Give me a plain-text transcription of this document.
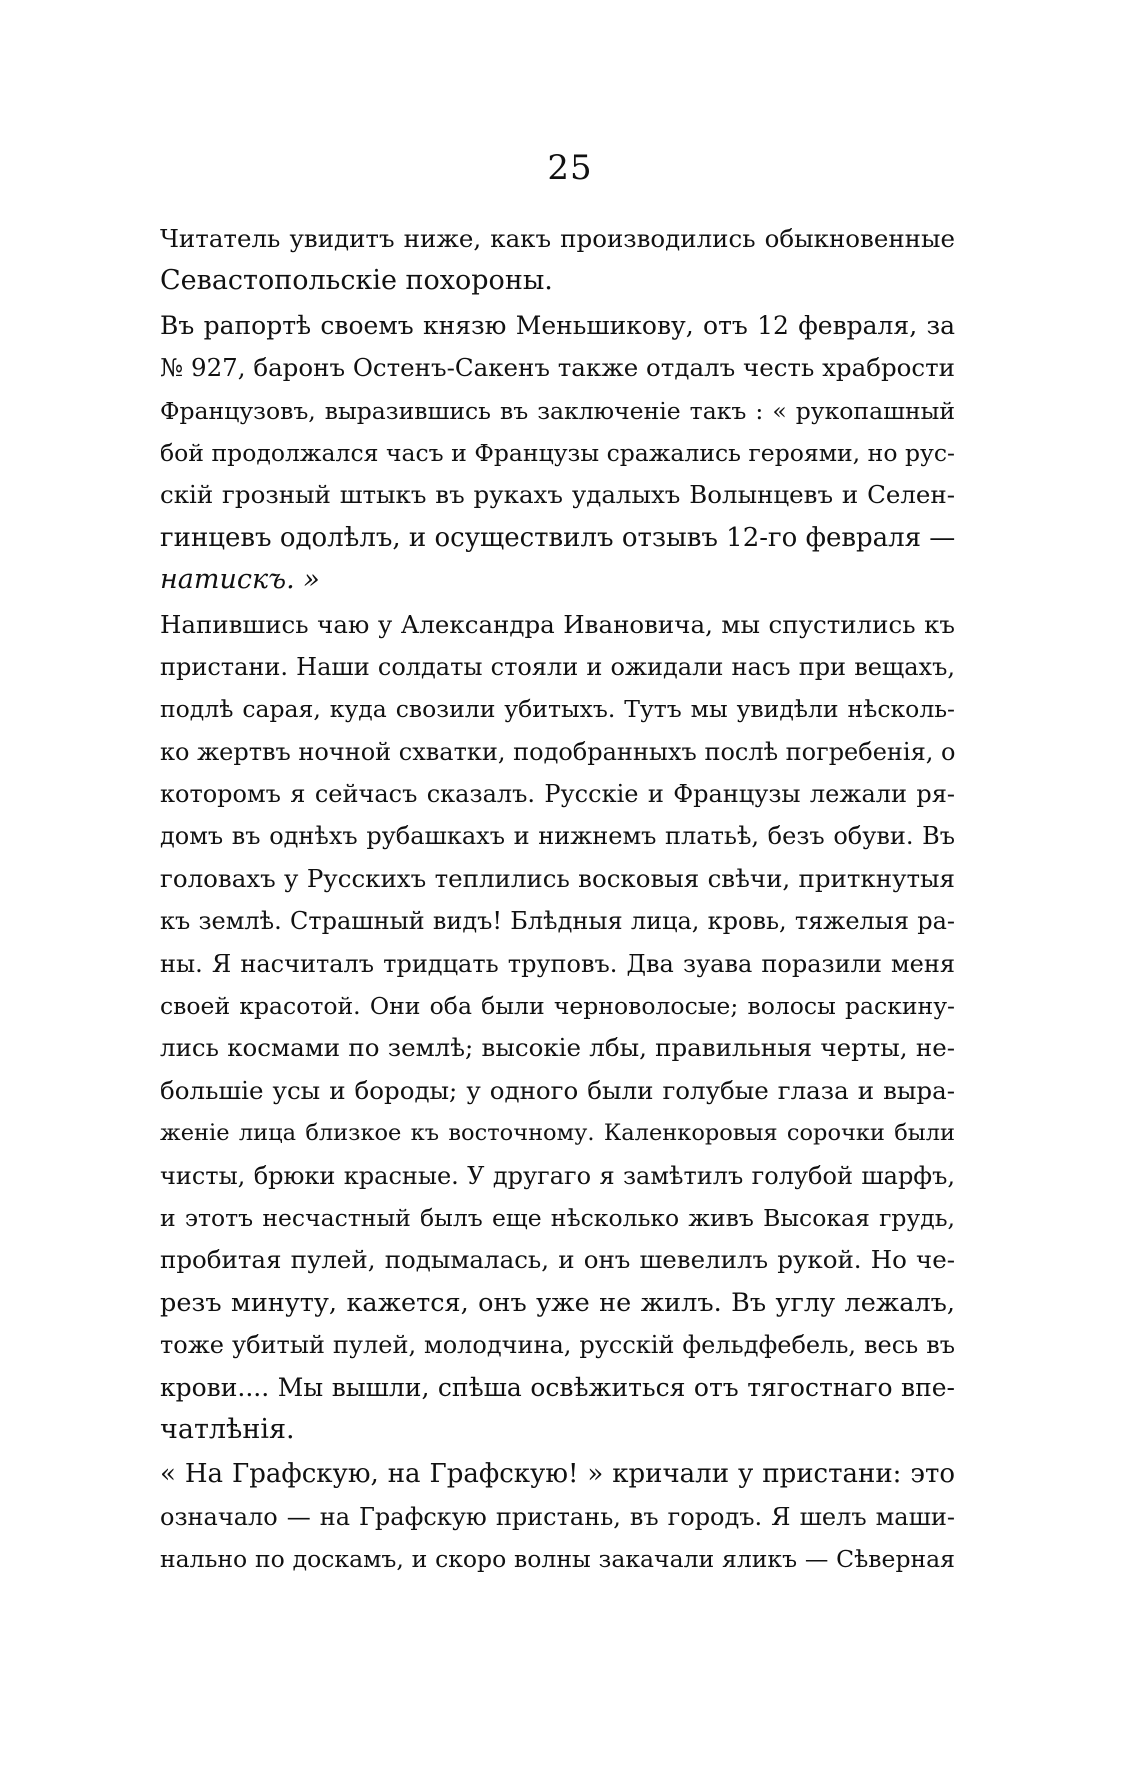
25
Читатель увидитъ ниже, какъ производились обыкновенные
Севастопольскіе похороны.
Въ рапортѣ своемъ князю Меньшикову, отъ 12 февраля, за
№ 927, баронъ Остенъ-Сакенъ также отдалъ честь храбрости
Французовъ, выразившись въ заключеніе такъ : « рукопашный
бой продолжался часъ и Французы сражались героями, но рус-
скій грозный штыкъ въ рукахъ удалыхъ Волынцевъ и Селен-
гинцевъ одолѣлъ, и осуществилъ отзывъ 12-го февраля —
натискъ. »
Напившись чаю у Александра Ивановича, мы спустились къ
пристани. Наши солдаты стояли и ожидали насъ при вещахъ,
подлѣ сарая, куда свозили убитыхъ. Тутъ мы увидѣли нѣсколь-
ко жертвъ ночной схватки, подобранныхъ послѣ погребенія, о
которомъ я сейчасъ сказалъ. Русскіе и Французы лежали ря-
домъ въ однѣхъ рубашкахъ и нижнемъ платьѣ, безъ обуви. Въ
головахъ у Русскихъ теплились восковыя свѣчи, приткнутыя
къ землѣ. Страшный видъ! Блѣдныя лица, кровь, тяжелыя ра-
ны. Я насчиталъ тридцать труповъ. Два зуава поразили меня
своей красотой. Они оба были черноволосые; волосы раскину-
лись космами по землѣ; высокіе лбы, правильныя черты, не-
большіе усы и бороды; у одного были голубые глаза и выра-
женіе лица близкое къ восточному. Каленкоровыя сорочки были
чисты, брюки красные. У другаго я замѣтилъ голубой шарфъ,
и этотъ несчастный былъ еще нѣсколько живъ Высокая грудь,
пробитая пулей, подымалась, и онъ шевелилъ рукой. Но че-
резъ минуту, кажется, онъ уже не жилъ. Въ углу лежалъ,
тоже убитый пулей, молодчина, русскій фельдфебель, весь въ
крови.... Мы вышли, спѣша освѣжиться отъ тягостнаго впе-
чатлѣнія.
« На Графскую, на Графскую! » кричали у пристани: это
означало — на Графскую пристань, въ городъ. Я шелъ маши-
нально по доскамъ, и скоро волны закачали яликъ — Сѣверная
